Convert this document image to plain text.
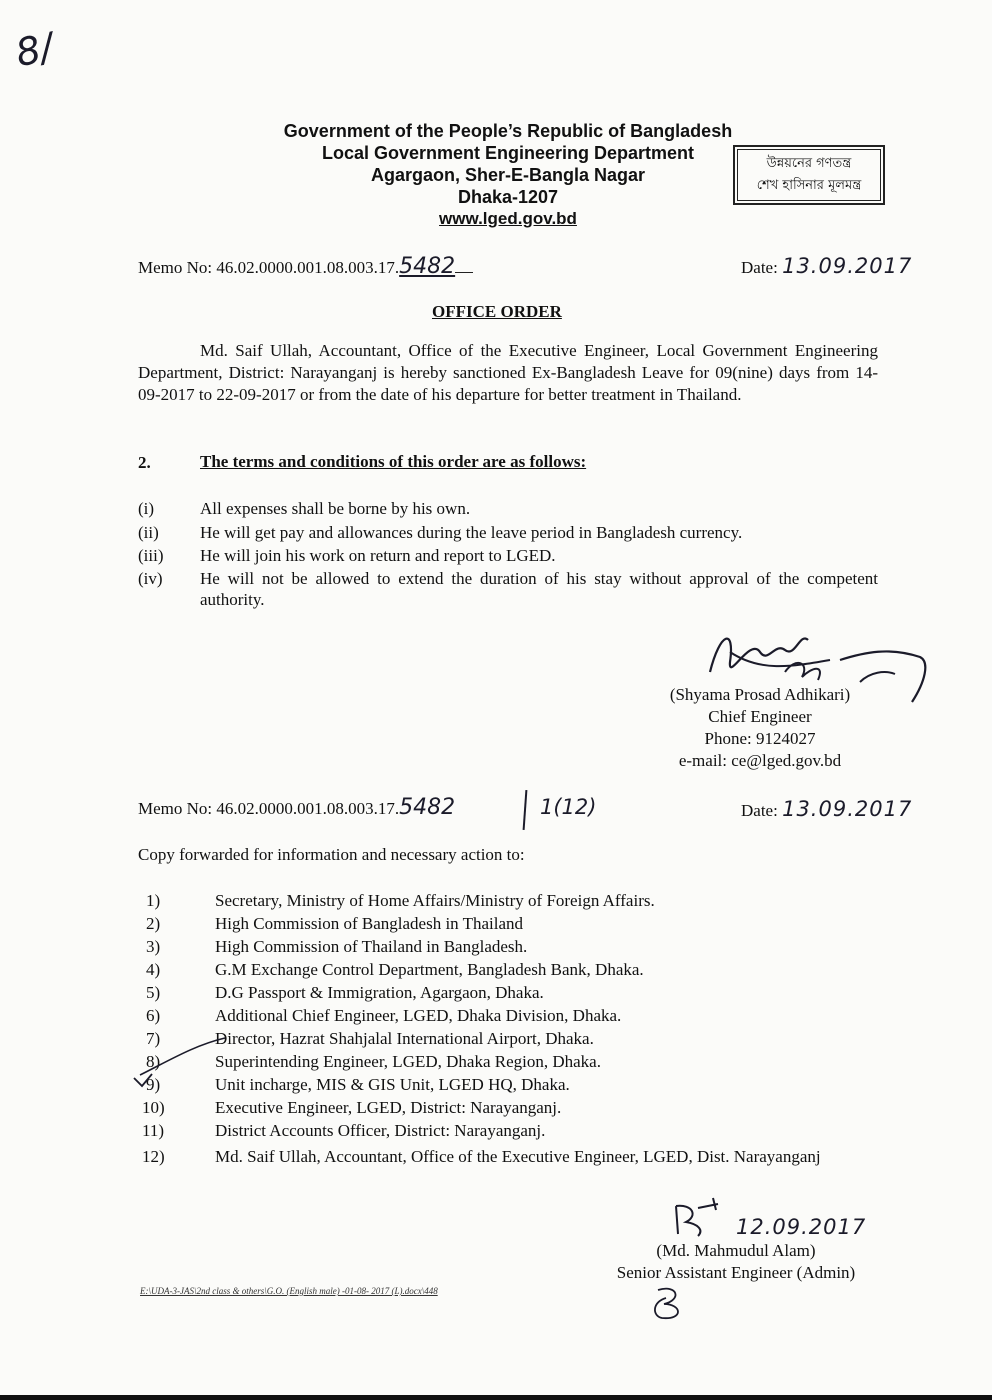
8/
Government of the People’s Republic of Bangladesh
Local Government Engineering Department
Agargaon, Sher-E-Bangla Nagar
Dhaka-1207
www.lged.gov.bd
উন্নয়নের গণতন্ত্র
শেখ হাসিনার মূলমন্ত্র
Memo No: 46.02.0000.001.08.003.17.5482	Date: 13.09.2017
OFFICE ORDER
Md. Saif Ullah, Accountant, Office of the Executive Engineer, Local Government Engineering Department, District: Narayanganj is hereby sanctioned Ex-Bangladesh Leave for 09(nine) days from 14-09-2017 to 22-09-2017 or from the date of his departure for better treatment in Thailand.
2.	The terms and conditions of this order are as follows:
(i)	All expenses shall be borne by his own.
(ii) He will get pay and allowances during the leave period in Bangladesh currency.
(iii) He will join his work on return and report to LGED.
(iv) He will not be allowed to extend the duration of his stay without approval of the competent authority.
(Shyama Prosad Adhikari)
Chief Engineer
Phone: 9124027
e-mail: ce@lged.gov.bd
Memo No: 46.02.0000.001.08.003.17.5482	1(12)	Date: 13.09.2017
Copy forwarded for information and necessary action to:
1)	Secretary, Ministry of Home Affairs/Ministry of Foreign Affairs.
2)	High Commission of Bangladesh in Thailand
3)	High Commission of Thailand in Bangladesh.
4)	G.M Exchange Control Department, Bangladesh Bank, Dhaka.
5)	D.G Passport & Immigration, Agargaon, Dhaka.
6)	Additional Chief Engineer, LGED, Dhaka Division, Dhaka.
7)	Director, Hazrat Shahjalal International Airport, Dhaka.
8)	Superintending Engineer, LGED, Dhaka Region, Dhaka.
9)	Unit incharge, MIS & GIS Unit, LGED HQ, Dhaka.
10)	Executive Engineer, LGED, District: Narayanganj.
11)	District Accounts Officer, District: Narayanganj.
12)	Md. Saif Ullah, Accountant, Office of the Executive Engineer, LGED, Dist. Narayanganj
12.09.2017
(Md. Mahmudul Alam)
Senior Assistant Engineer (Admin)
E:\UDA-3-JAS\2nd class & others\G.O. (English male) -01-08- 2017 (L).docx\448
